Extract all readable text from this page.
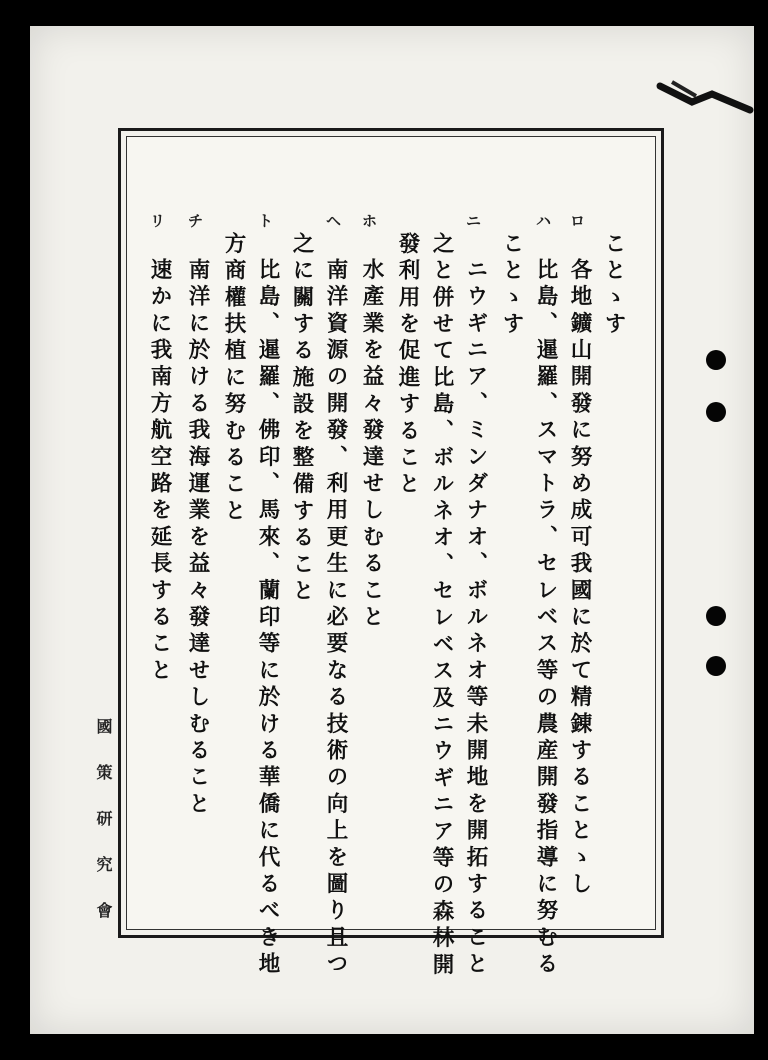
ことゝす
ロ
各地鑛山開發に努め成可我國に於て精錬することゝし
ハ
比島、暹羅、スマトラ、セレベス等の農産開發指導に努むる
ことゝす
ニ
ニウギニア、ミンダナオ、ボルネオ等未開地を開拓すること
之と併せて比島、ボルネオ、セレベス及ニウギニア等の森林開
發利用を促進すること
ホ
水產業を益々發達せしむること
ヘ
南洋資源の開發、利用更生に必要なる技術の向上を圖り且つ
之に關する施設を整備すること
ト
比島、暹羅、佛印、馬來、蘭印等に於ける華僑に代るべき地
方商權扶植に努むること
チ
南洋に於ける我海運業を益々發達せしむること
リ
速かに我南方航空路を延長すること
國策研究會
